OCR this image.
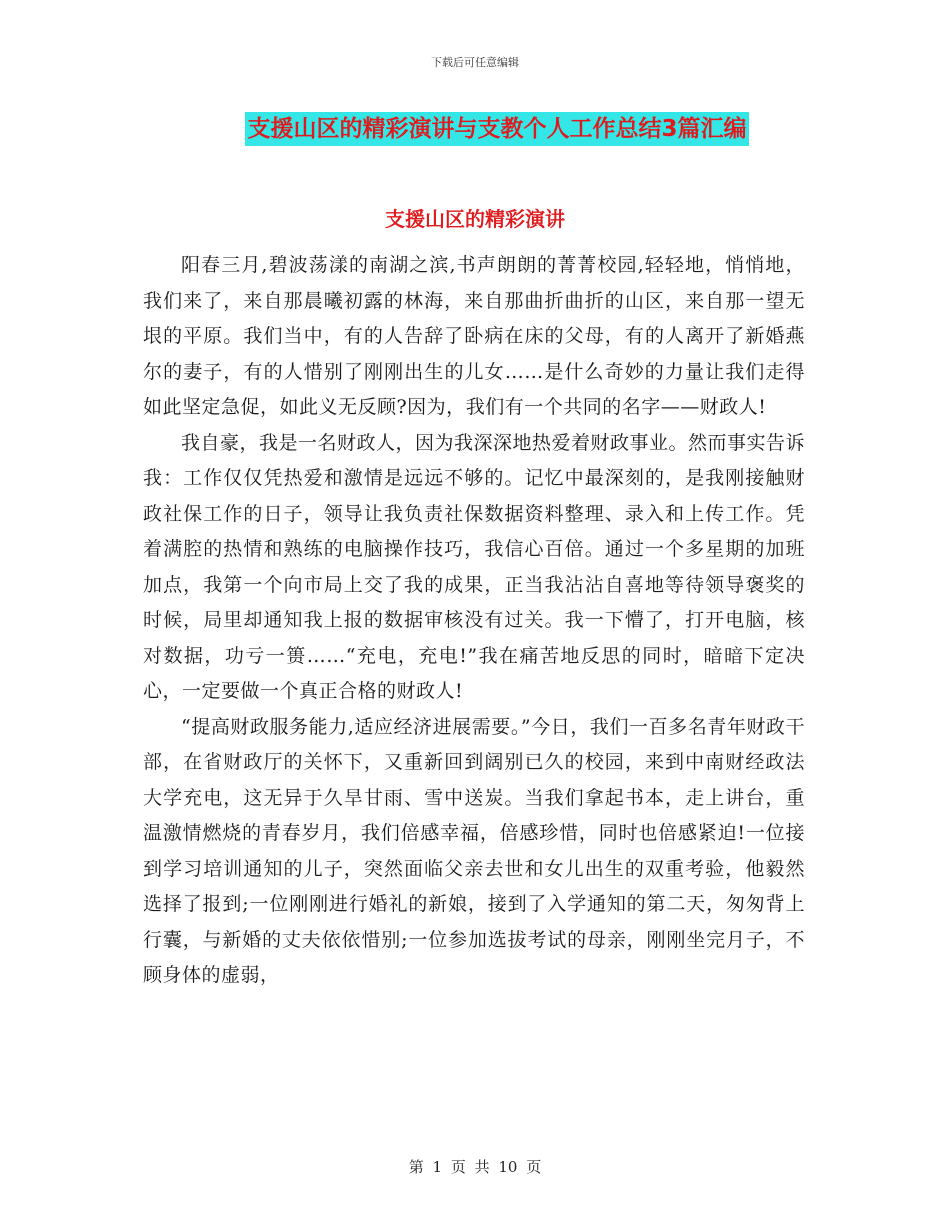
下载后可任意编辑
支援山区的精彩演讲与支教个人工作总结3篇汇编
支援山区的精彩演讲

阳春三月,碧波荡漾的南湖之滨,书声朗朗的菁菁校园,轻轻地，悄悄地，我们来了，来自那晨曦初露的林海，来自那曲折曲折的山区，来自那一望无垠的平原。我们当中，有的人告辞了卧病在床的父母，有的人离开了新婚燕尔的妻子，有的人惜别了刚刚出生的儿女……是什么奇妙的力量让我们走得如此坚定急促，如此义无反顾?因为，我们有一个共同的名字——财政人!

我自豪，我是一名财政人，因为我深深地热爱着财政事业。然而事实告诉我：工作仅仅凭热爱和激情是远远不够的。记忆中最深刻的，是我刚接触财政社保工作的日子，领导让我负责社保数据资料整理、录入和上传工作。凭着满腔的热情和熟练的电脑操作技巧，我信心百倍。通过一个多星期的加班加点，我第一个向市局上交了我的成果，正当我沾沾自喜地等待领导褒奖的时候，局里却通知我上报的数据审核没有过关。我一下懵了，打开电脑，核对数据，功亏一篑……“充电，充电!”我在痛苦地反思的同时，暗暗下定决心，一定要做一个真正合格的财政人!

“提高财政服务能力,适应经济进展需要。”今日，我们一百多名青年财政干部，在省财政厅的关怀下，又重新回到阔别已久的校园，来到中南财经政法大学充电，这无异于久旱甘雨、雪中送炭。当我们拿起书本，走上讲台，重温激情燃烧的青春岁月，我们倍感幸福，倍感珍惜，同时也倍感紧迫!一位接到学习培训通知的儿子，突然面临父亲去世和女儿出生的双重考验，他毅然选择了报到;一位刚刚进行婚礼的新娘，接到了入学通知的第二天，匆匆背上行囊，与新婚的丈夫依依惜别;一位参加选拔考试的母亲，刚刚坐完月子，不顾身体的虚弱，

第 1 页 共 10 页
